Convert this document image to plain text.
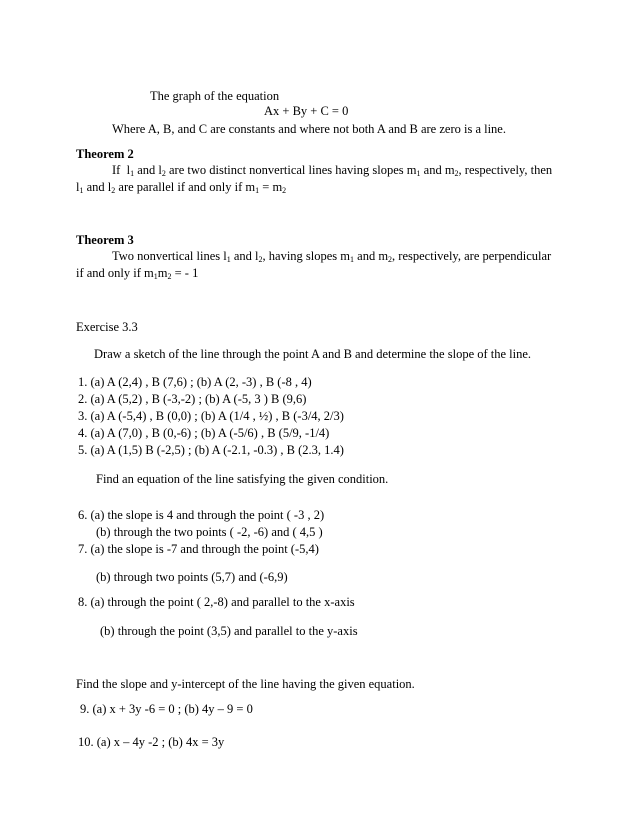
The graph of the equation
Ax + By + C = 0
Where A, B, and C are constants and where not both A and B are zero is a line.
Theorem 2
If $l_1$ and $l_2$ are two distinct nonvertical lines having slopes $m_1$ and $m_2$, respectively, then
$l_1$ and $l_2$ are parallel if and only if $m_1 = m_2$
Theorem 3
Two nonvertical lines $l_1$ and $l_2$, having slopes $m_1$ and $m_2$, respectively, are perpendicular
if and only if $m_1m_2$ = - 1
Exercise 3.3
Draw a sketch of the line through the point A and B and determine the slope of the line.
1. (a) A (2,4) , B (7,6) ; (b) A (2, -3) , B (-8 , 4)
2. (a) A (5,2) , B (-3,-2) ; (b) A (-5, 3 ) B (9,6)
3. (a) A (-5,4) , B (0,0) ; (b) A (1/4 , ½) , B (-3/4, 2/3)
4. (a) A (7,0) , B (0,-6) ; (b) A (-5/6) , B (5/9, -1/4)
5. (a) A (1,5) B (-2,5) ; (b) A (-2.1, -0.3) , B (2.3, 1.4)
Find an equation of the line satisfying the given condition.
6. (a) the slope is 4 and through the point ( -3 , 2)
(b) through the two points ( -2, -6) and ( 4,5 )
7. (a) the slope is -7 and through the point (-5,4)
(b) through two points (5,7) and (-6,9)
8. (a) through the point ( 2,-8) and parallel to the x-axis
(b) through the point (3,5) and parallel to the y-axis
Find the slope and y-intercept of the line having the given equation.
9. (a) x + 3y -6 = 0 ; (b) 4y – 9 = 0
10. (a) x – 4y -2 ; (b) 4x = 3y
